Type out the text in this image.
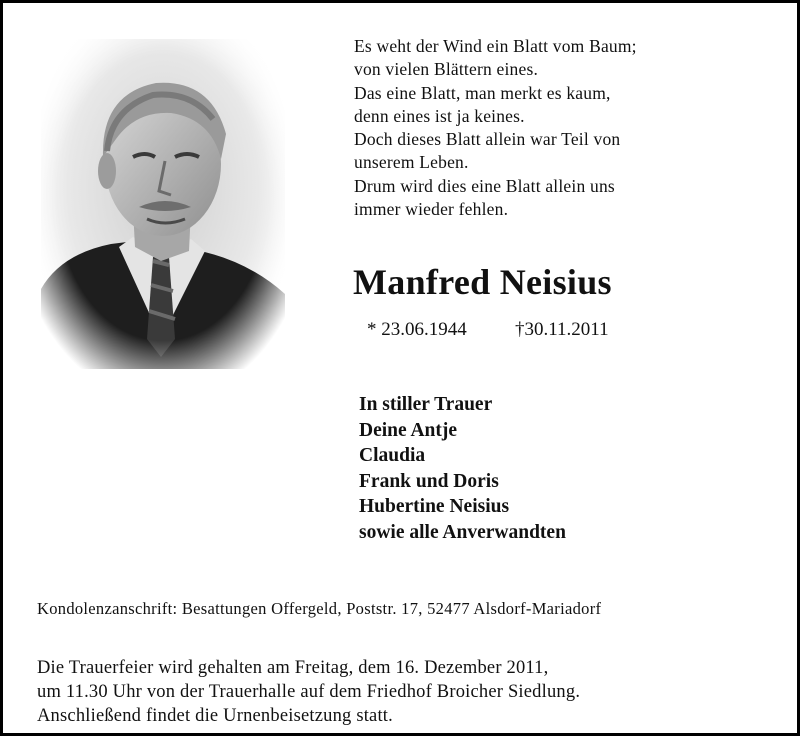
Es weht der Wind ein Blatt vom Baum;
von vielen Blättern eines.
Das eine Blatt, man merkt es kaum,
denn eines ist ja keines.
Doch dieses Blatt allein war Teil von
unserem Leben.
Drum wird dies eine Blatt allein uns
immer wieder fehlen.
Manfred Neisius
* 23.06.1944	†30.11.2011
In stiller Trauer
Deine Antje
Claudia
Frank und Doris
Hubertine Neisius
sowie alle Anverwandten
Kondolenzanschrift: Besattungen Offergeld, Poststr. 17, 52477 Alsdorf-Mariadorf
Die Trauerfeier wird gehalten am Freitag, dem 16. Dezember 2011,
um 11.30 Uhr von der Trauerhalle auf dem Friedhof Broicher Siedlung.
Anschließend findet die Urnenbeisetzung statt.
